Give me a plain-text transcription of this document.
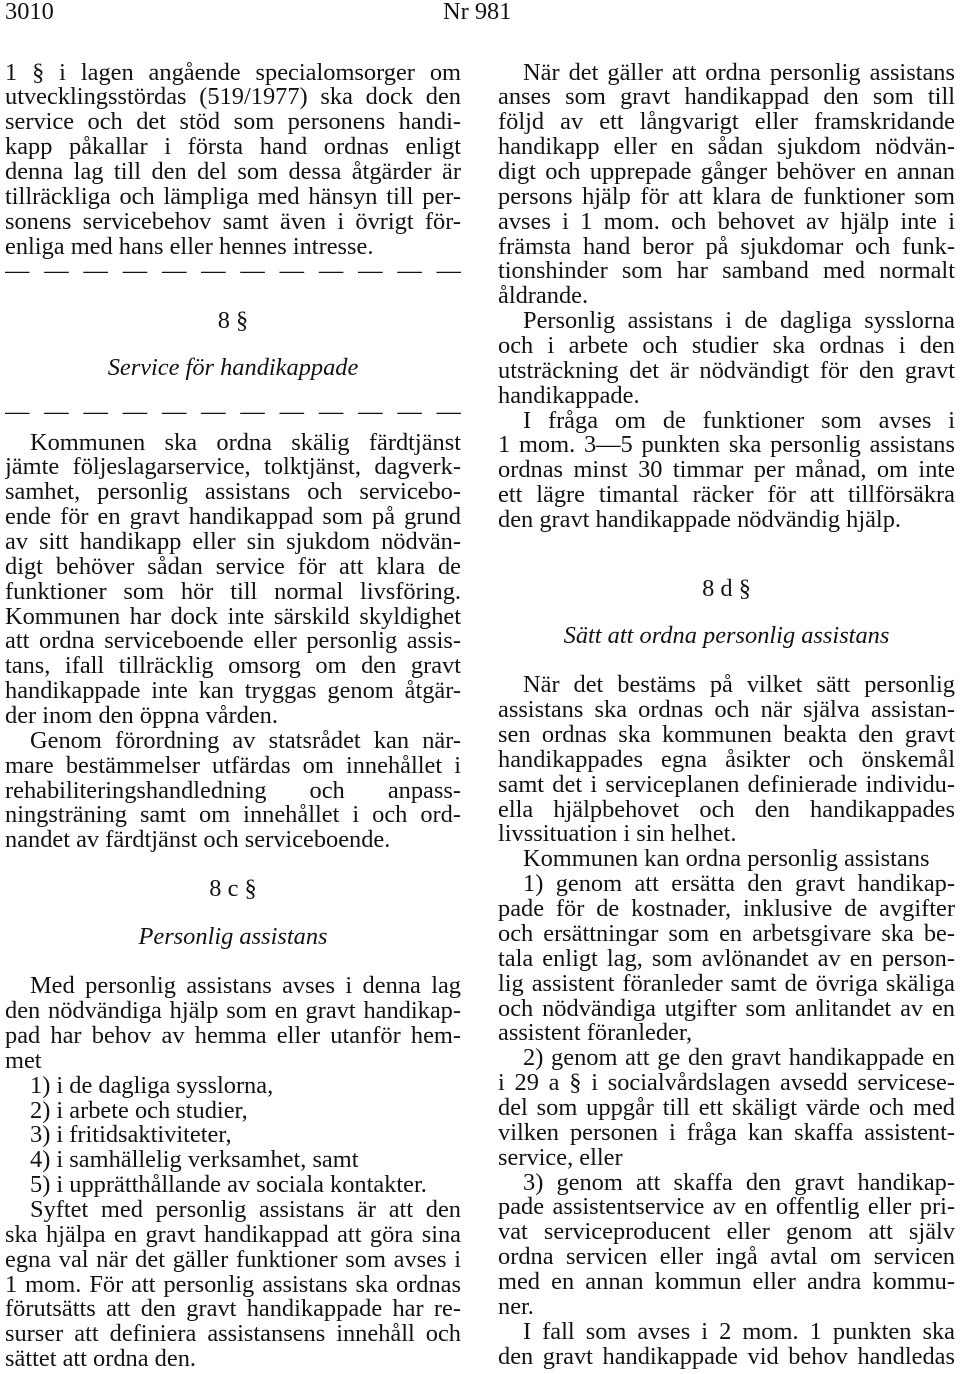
3010	Nr 981
1 § i lagen angående specialomsorger om
utvecklingsstördas (519/1977) ska dock den
service och det stöd som personens handi-
kapp påkallar i första hand ordnas enligt
denna lag till den del som dessa åtgärder är
tillräckliga och lämpliga med hänsyn till per-
sonens servicebehov samt även i övrigt för-
enliga med hans eller hennes intresse.
— — — — — — — — — — — —
8 §
Service för handikappade
— — — — — — — — — — — —
Kommunen ska ordna skälig färdtjänst
jämte följeslagarservice, tolktjänst, dagverk-
samhet, personlig assistans och servicebo-
ende för en gravt handikappad som på grund
av sitt handikapp eller sin sjukdom nödvän-
digt behöver sådan service för att klara de
funktioner som hör till normal livsföring.
Kommunen har dock inte särskild skyldighet
att ordna serviceboende eller personlig assis-
tans, ifall tillräcklig omsorg om den gravt
handikappade inte kan tryggas genom åtgär-
der inom den öppna vården.
Genom förordning av statsrådet kan när-
mare bestämmelser utfärdas om innehållet i
rehabiliteringshandledning och anpass-
ningsträning samt om innehållet i och ord-
nandet av färdtjänst och serviceboende.
8 c §
Personlig assistans
Med personlig assistans avses i denna lag
den nödvändiga hjälp som en gravt handikap-
pad har behov av hemma eller utanför hem-
met
1) i de dagliga sysslorna,
2) i arbete och studier,
3) i fritidsaktiviteter,
4) i samhällelig verksamhet, samt
5) i upprätthållande av sociala kontakter.
Syftet med personlig assistans är att den
ska hjälpa en gravt handikappad att göra sina
egna val när det gäller funktioner som avses i
1 mom. För att personlig assistans ska ordnas
förutsätts att den gravt handikappade har re-
surser att definiera assistansens innehåll och
sättet att ordna den.
När det gäller att ordna personlig assistans
anses som gravt handikappad den som till
följd av ett långvarigt eller framskridande
handikapp eller en sådan sjukdom nödvän-
digt och upprepade gånger behöver en annan
persons hjälp för att klara de funktioner som
avses i 1 mom. och behovet av hjälp inte i
främsta hand beror på sjukdomar och funk-
tionshinder som har samband med normalt
åldrande.
Personlig assistans i de dagliga sysslorna
och i arbete och studier ska ordnas i den
utsträckning det är nödvändigt för den gravt
handikappade.
I fråga om de funktioner som avses i
1 mom. 3—5 punkten ska personlig assistans
ordnas minst 30 timmar per månad, om inte
ett lägre timantal räcker för att tillförsäkra
den gravt handikappade nödvändig hjälp.
8 d §
Sätt att ordna personlig assistans
När det bestäms på vilket sätt personlig
assistans ska ordnas och när själva assistan-
sen ordnas ska kommunen beakta den gravt
handikappades egna åsikter och önskemål
samt det i serviceplanen definierade individu-
ella hjälpbehovet och den handikappades
livssituation i sin helhet.
Kommunen kan ordna personlig assistans
1) genom att ersätta den gravt handikap-
pade för de kostnader, inklusive de avgifter
och ersättningar som en arbetsgivare ska be-
tala enligt lag, som avlönandet av en person-
lig assistent föranleder samt de övriga skäliga
och nödvändiga utgifter som anlitandet av en
assistent föranleder,
2) genom att ge den gravt handikappade en
i 29 a § i socialvårdslagen avsedd servicese-
del som uppgår till ett skäligt värde och med
vilken personen i fråga kan skaffa assistent-
service, eller
3) genom att skaffa den gravt handikap-
pade assistentservice av en offentlig eller pri-
vat serviceproducent eller genom att själv
ordna servicen eller ingå avtal om servicen
med en annan kommun eller andra kommu-
ner.
I fall som avses i 2 mom. 1 punkten ska
den gravt handikappade vid behov handledas
